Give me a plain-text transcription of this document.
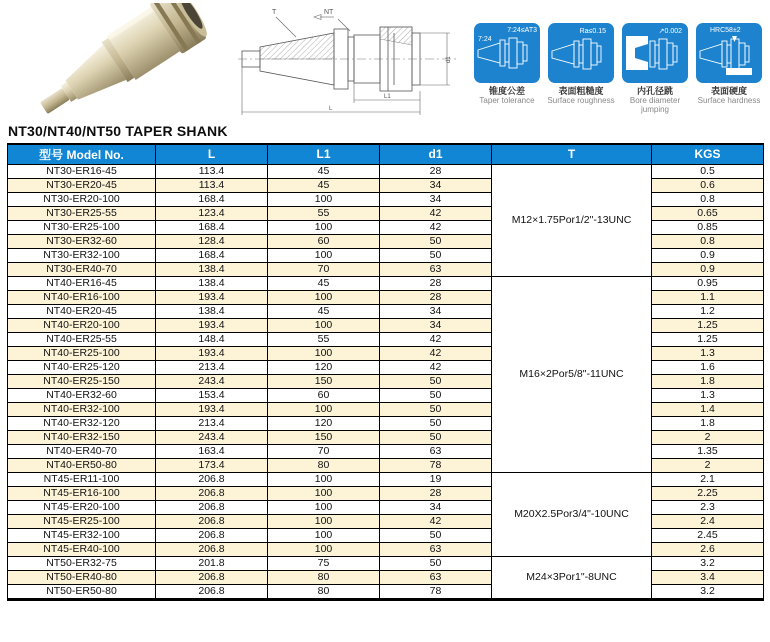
T	NT
d1
L1
L
7:24
7:24≤AT3
锥度公差
Taper tolerance
Ra≤0.15
表面粗糙度
Surface roughness
↗0.002
内孔径跳
Bore diameter jumping
HRC58±2
表面硬度
Surface hardness
NT30/NT40/NT50 TAPER SHANK
型号 Model No.	L	L1	d1	T	KGS
NT30-ER16-45	113.4	45	28	M12×1.75Por1/2"-13UNC	0.5
NT30-ER20-45	113.4	45	34		0.6
NT30-ER20-100	168.4	100	34		0.8
NT30-ER25-55	123.4	55	42		0.65
NT30-ER25-100	168.4	100	42		0.85
NT30-ER32-60	128.4	60	50		0.8
NT30-ER32-100	168.4	100	50		0.9
NT30-ER40-70	138.4	70	63		0.9
NT40-ER16-45	138.4	45	28	M16×2Por5/8"-11UNC	0.95
NT40-ER16-100	193.4	100	28		1.1
NT40-ER20-45	138.4	45	34		1.2
NT40-ER20-100	193.4	100	34		1.25
NT40-ER25-55	148.4	55	42		1.25
NT40-ER25-100	193.4	100	42		1.3
NT40-ER25-120	213.4	120	42		1.6
NT40-ER25-150	243.4	150	50		1.8
NT40-ER32-60	153.4	60	50		1.3
NT40-ER32-100	193.4	100	50		1.4
NT40-ER32-120	213.4	120	50		1.8
NT40-ER32-150	243.4	150	50		2
NT40-ER40-70	163.4	70	63		1.35
NT40-ER50-80	173.4	80	78		2
NT45-ER11-100	206.8	100	19	M20X2.5Por3/4"-10UNC	2.1
NT45-ER16-100	206.8	100	28		2.25
NT45-ER20-100	206.8	100	34		2.3
NT45-ER25-100	206.8	100	42		2.4
NT45-ER32-100	206.8	100	50		2.45
NT45-ER40-100	206.8	100	63		2.6
NT50-ER32-75	201.8	75	50	M24×3Por1"-8UNC	3.2
NT50-ER40-80	206.8	80	63		3.4
NT50-ER50-80	206.8	80	78		3.2
